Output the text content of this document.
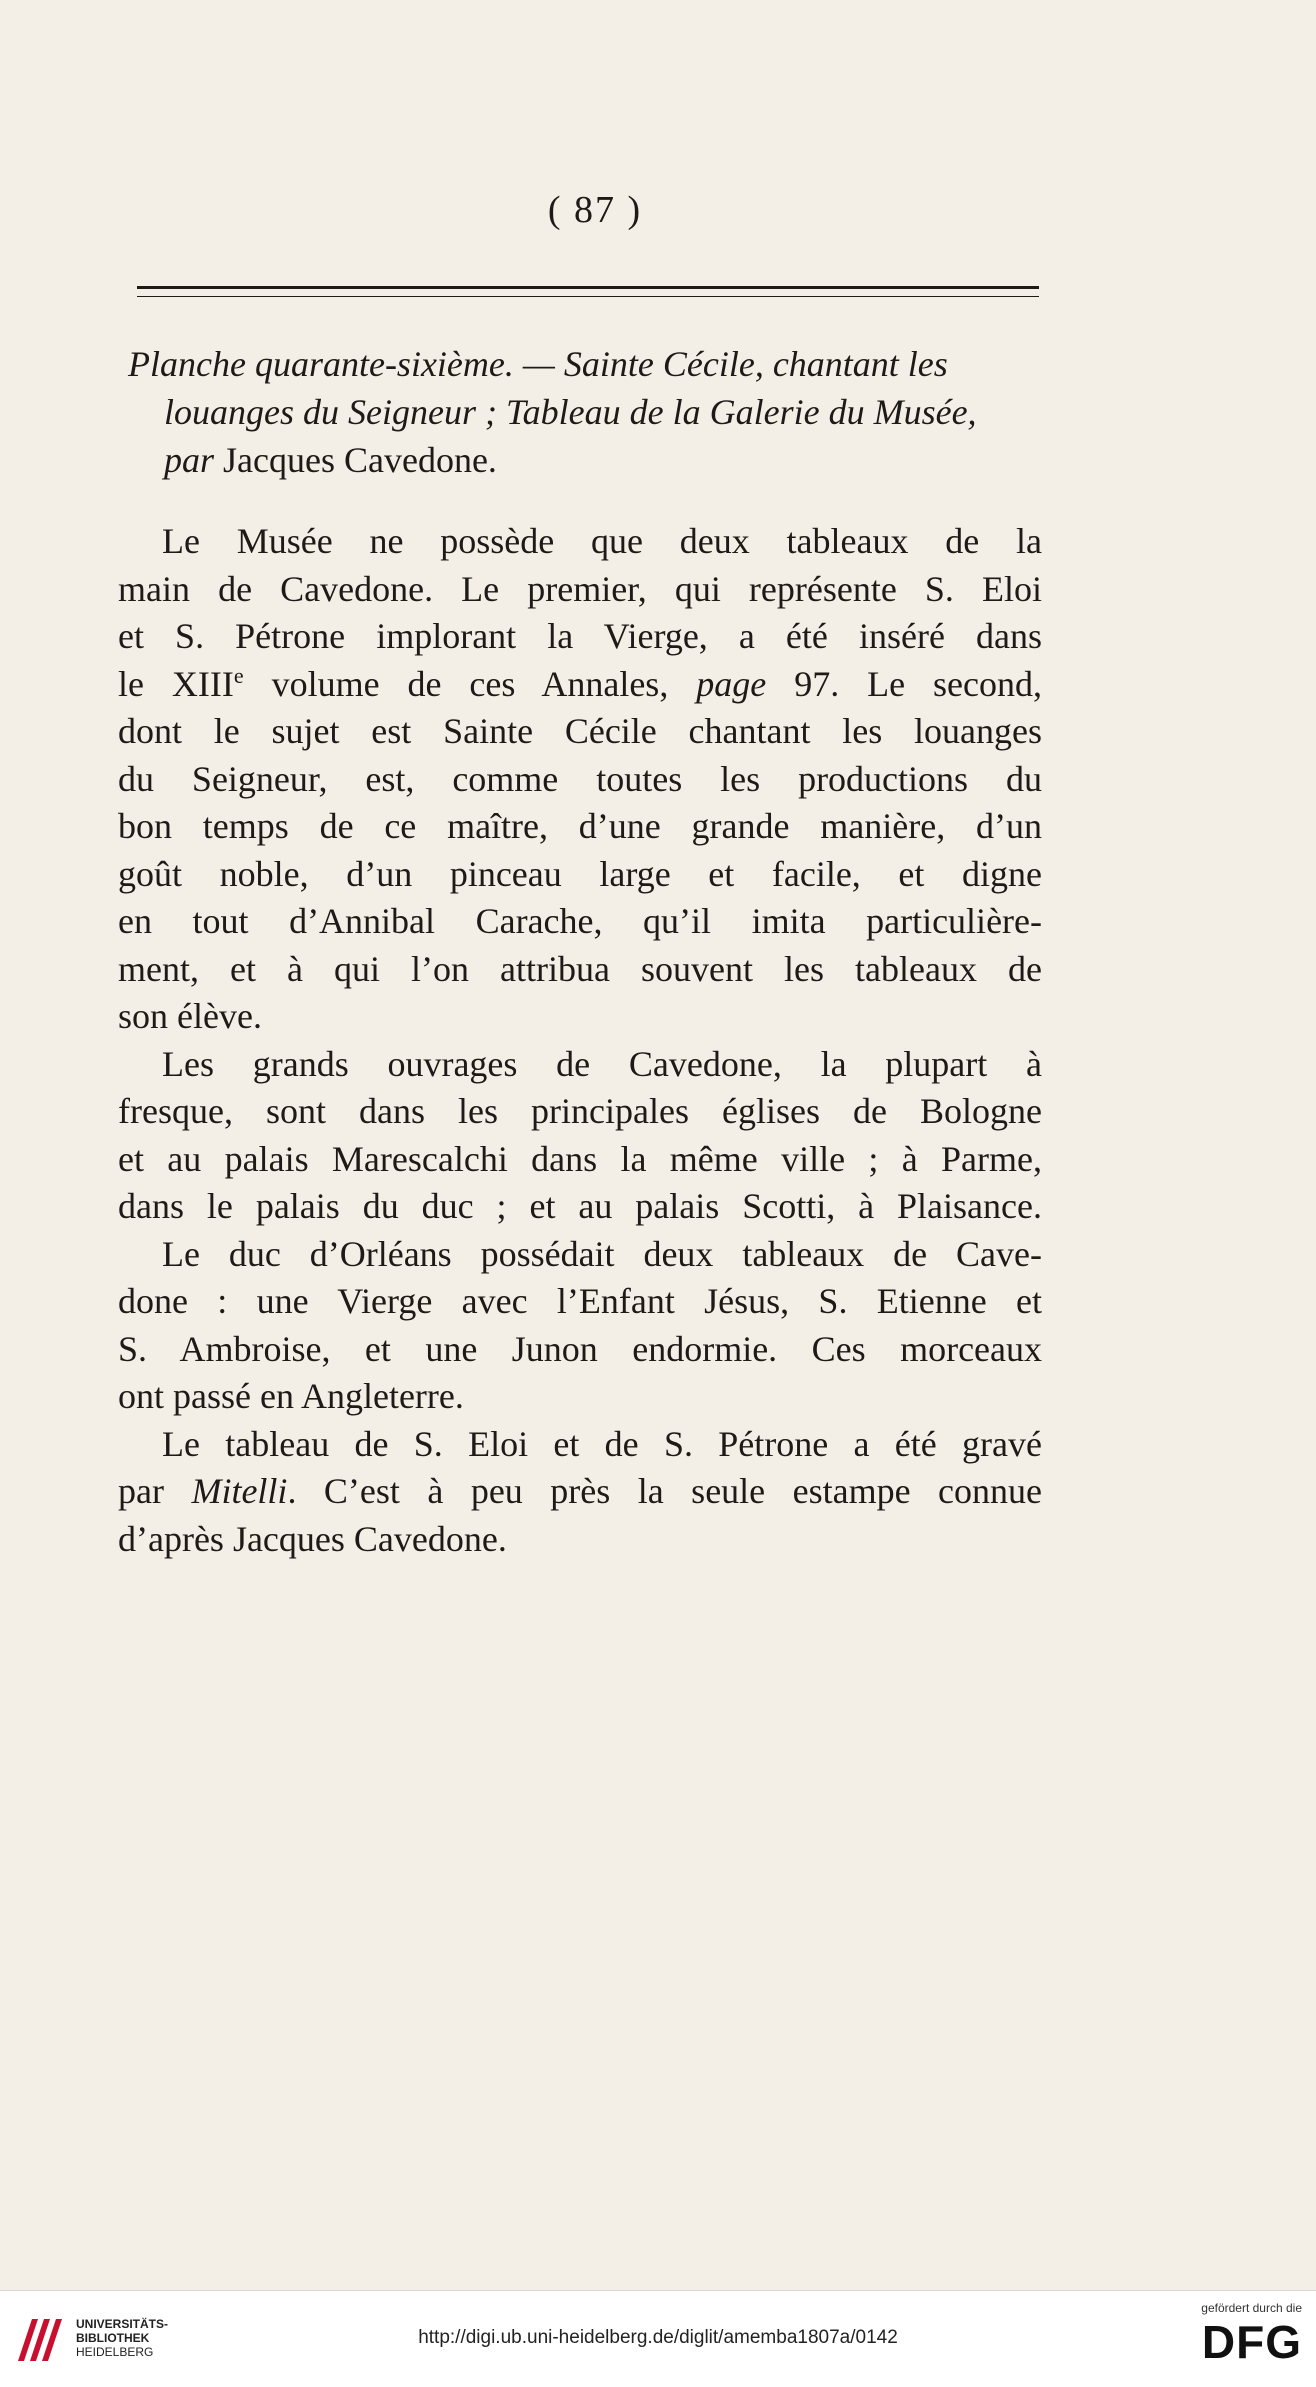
( 87 )
Planche quarante-sixième. — Sainte Cécile, chantant les
louanges du Seigneur ; Tableau de la Galerie du Musée,
par Jacques Cavedone.
Le Musée ne possède que deux tableaux de la
main de Cavedone. Le premier, qui représente S. Eloi
et S. Pétrone implorant la Vierge, a été inséré dans
le XIIIe volume de ces Annales, page 97. Le second,
dont le sujet est Sainte Cécile chantant les louanges
du Seigneur, est, comme toutes les productions du
bon temps de ce maître, d’une grande manière, d’un
goût noble, d’un pinceau large et facile, et digne
en tout d’Annibal Carache, qu’il imita particulière-
ment, et à qui l’on attribua souvent les tableaux de
son élève.
Les grands ouvrages de Cavedone, la plupart à
fresque, sont dans les principales églises de Bologne
et au palais Marescalchi dans la même ville ; à Parme,
dans le palais du duc ; et au palais Scotti, à Plaisance.
Le duc d’Orléans possédait deux tableaux de Cave-
done : une Vierge avec l’Enfant Jésus, S. Etienne et
S. Ambroise, et une Junon endormie. Ces morceaux
ont passé en Angleterre.
Le tableau de S. Eloi et de S. Pétrone a été gravé
par Mitelli. C’est à peu près la seule estampe connue
d’après Jacques Cavedone.
UNIVERSITÄTS-
BIBLIOTHEK
HEIDELBERG
http://digi.ub.uni-heidelberg.de/diglit/amemba1807a/0142
gefördert durch die
DFG
